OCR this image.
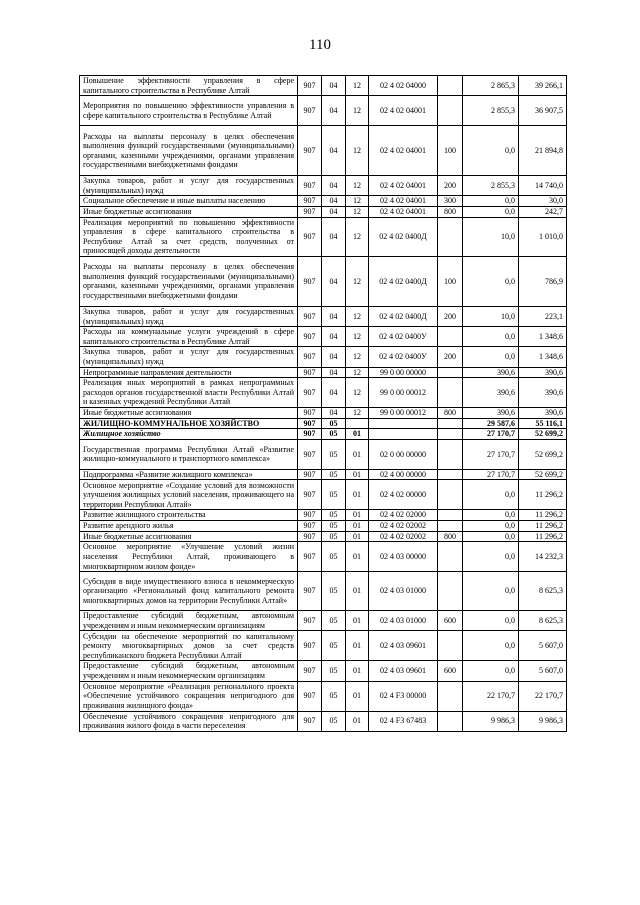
110
Повышение эффективности управления в сфере капитального строительства в Республике Алтай	907	04	12	02 4 02 04000		2 865,3	39 266,1
Мероприятия по повышению эффективности управления в сфере капитального строительства в Республике Алтай	907	04	12	02 4 02 04001		2 855,3	36 907,5
Расходы на выплаты персоналу в целях обеспечения выполнения функций государственными (муниципальными) органами, казенными учреждениями, органами управления государственными внебюджетными фондами	907	04	12	02 4 02 04001	100	0,0	21 894,8
Закупка товаров, работ и услуг для государственных (муниципальных) нужд	907	04	12	02 4 02 04001	200	2 855,3	14 740,0
Социальное обеспечение и иные выплаты населению	907	04	12	02 4 02 04001	300	0,0	30,0
Иные бюджетные ассигнования	907	04	12	02 4 02 04001	800	0,0	242,7
Реализация мероприятий по повышению эффективности управления в сфере капитального строительства в Республике Алтай за счет средств, полученных от приносящей доходы деятельности	907	04	12	02 4 02 0400Д		10,0	1 010,0
Расходы на выплаты персоналу в целях обеспечения выполнения функций государственными (муниципальными) органами, казенными учреждениями, органами управления государственными внебюджетными фондами	907	04	12	02 4 02 0400Д	100	0,0	786,9
Закупка товаров, работ и услуг для государственных (муниципальных) нужд	907	04	12	02 4 02 0400Д	200	10,0	223,1
Расходы на коммунальные услуги учреждений в сфере капитального строительства в Республике Алтай	907	04	12	02 4 02 0400У		0,0	1 348,6
Закупка товаров, работ и услуг для государственных (муниципальных) нужд	907	04	12	02 4 02 0400У	200	0,0	1 348,6
Непрограммные направления деятельности	907	04	12	99 0 00 00000		390,6	390,6
Реализация иных мероприятий в рамках непрограммных расходов органов государственной власти Республики Алтай и казенных учреждений Республики Алтай	907	04	12	99 0 00 00012		390,6	390,6
Иные бюджетные ассигнования	907	04	12	99 0 00 00012	800	390,6	390,6
ЖИЛИЩНО-КОММУНАЛЬНОЕ ХОЗЯЙСТВО	907	05				29 587,6	55 116,1
Жилищное хозяйство	907	05	01			27 170,7	52 699,2
Государственная программа Республики Алтай «Развитие жилищно-коммунального и транспортного комплекса»	907	05	01	02 0 00 00000		27 170,7	52 699,2
Подпрограмма «Развитие жилищного комплекса»	907	05	01	02 4 00 00000		27 170,7	52 699,2
Основное мероприятие «Создание условий для возможности улучшения жилищных условий населения, проживающего на территории Республики Алтай»	907	05	01	02 4 02 00000		0,0	11 296,2
Развитие жилищного строительства	907	05	01	02 4 02 02000		0,0	11 296,2
Развитие арендного жилья	907	05	01	02 4 02 02002		0,0	11 296,2
Иные бюджетные ассигнования	907	05	01	02 4 02 02002	800	0,0	11 296,2
Основное мероприятие «Улучшение условий жизни населения Республики Алтай, проживающего в многоквартирном жилом фонде»	907	05	01	02 4 03 00000		0,0	14 232,3
Субсидия в виде имущественного взноса в некоммерческую организацию «Региональный фонд капитального ремонта многоквартирных домов на территории Республики Алтай»	907	05	01	02 4 03 01000		0,0	8 625,3
Предоставление субсидий бюджетным, автономным учреждениям и иным некоммерческим организациям	907	05	01	02 4 03 01000	600	0,0	8 625,3
Субсидии на обеспечение мероприятий по капитальному ремонту многоквартирных домов за счет средств республиканского бюджета Республики Алтай	907	05	01	02 4 03 09601		0,0	5 607,0
Предоставление субсидий бюджетным, автономным учреждениям и иным некоммерческим организациям	907	05	01	02 4 03 09601	600	0,0	5 607,0
Основное мероприятие «Реализация регионального проекта «Обеспечение устойчивого сокращения непригодного для проживания жилищного фонда»	907	05	01	02 4 F3 00000		22 170,7	22 170,7
Обеспечение устойчивого сокращения непригодного для проживания жилого фонда в части переселения	907	05	01	02 4 F3 67483		9 986,3	9 986,3
